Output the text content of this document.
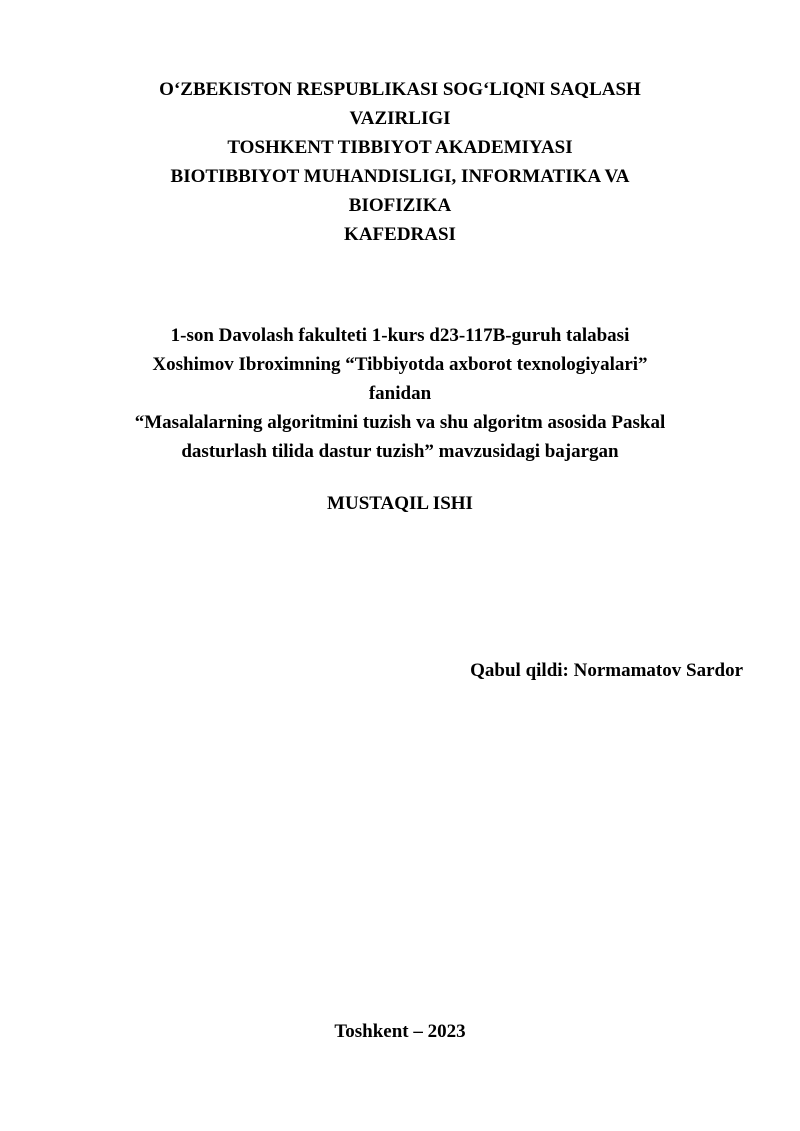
O‘ZBEKISTON RESPUBLIKASI SOG‘LIQNI SAQLASH
VAZIRLIGI
TOSHKENT TIBBIYOT AKADEMIYASI
BIOTIBBIYOT MUHANDISLIGI, INFORMATIKA VA
BIOFIZIKA
KAFEDRASI
1-son Davolash fakulteti 1-kurs d23-117B-guruh talabasi
Xoshimov Ibroximning “Tibbiyotda axborot texnologiyalari”
fanidan
“Masalalarning algoritmini tuzish va shu algoritm asosida Paskal
dasturlash tilida dastur tuzish” mavzusidagi bajargan
MUSTAQIL ISHI
Qabul qildi: Normamatov Sardor
Toshkent – 2023
